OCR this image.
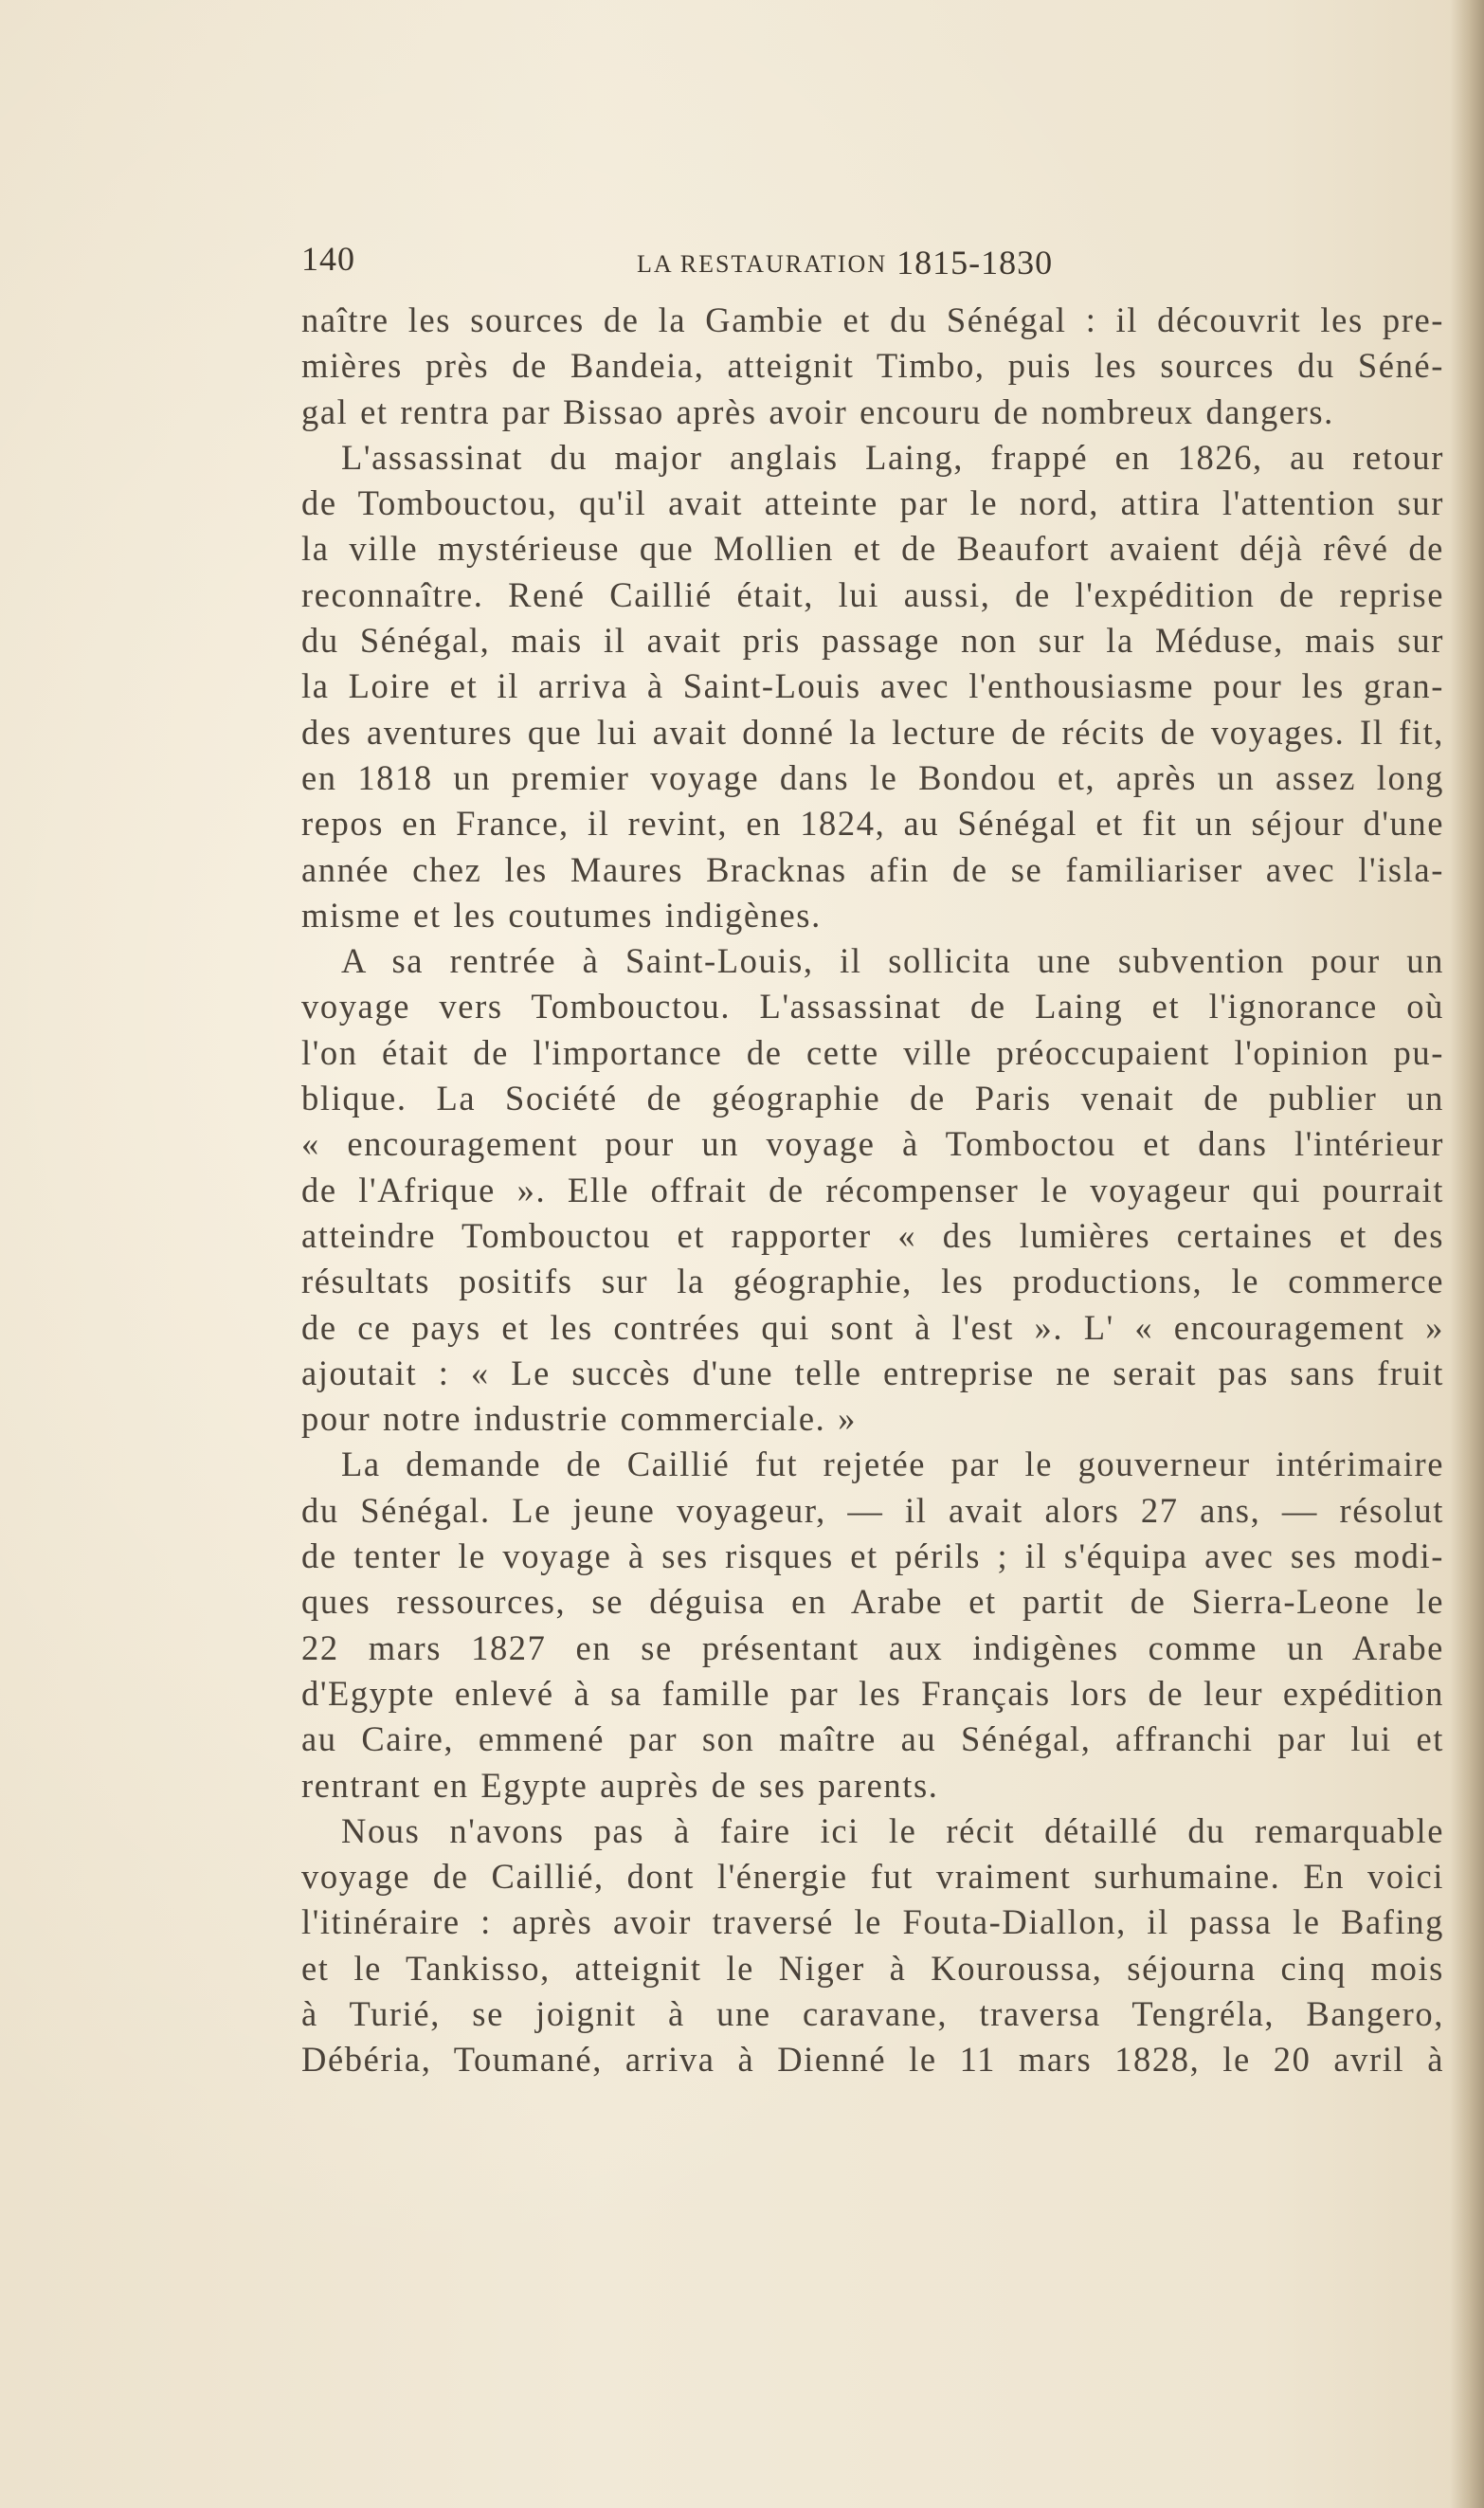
140	LA RESTAURATION 1815-1830
naître les sources de la Gambie et du Sénégal : il découvrit les pre-
mières près de Bandeia, atteignit Timbo, puis les sources du Séné-
gal et rentra par Bissao après avoir encouru de nombreux dangers.
L'assassinat du major anglais Laing, frappé en 1826, au retour
de Tombouctou, qu'il avait atteinte par le nord, attira l'attention sur
la ville mystérieuse que Mollien et de Beaufort avaient déjà rêvé de
reconnaître. René Caillié était, lui aussi, de l'expédition de reprise
du Sénégal, mais il avait pris passage non sur la Méduse, mais sur
la Loire et il arriva à Saint-Louis avec l'enthousiasme pour les gran-
des aventures que lui avait donné la lecture de récits de voyages. Il fit,
en 1818 un premier voyage dans le Bondou et, après un assez long
repos en France, il revint, en 1824, au Sénégal et fit un séjour d'une
année chez les Maures Bracknas afin de se familiariser avec l'isla-
misme et les coutumes indigènes.
A sa rentrée à Saint-Louis, il sollicita une subvention pour un
voyage vers Tombouctou. L'assassinat de Laing et l'ignorance où
l'on était de l'importance de cette ville préoccupaient l'opinion pu-
blique. La Société de géographie de Paris venait de publier un
« encouragement pour un voyage à Tomboctou et dans l'intérieur
de l'Afrique ». Elle offrait de récompenser le voyageur qui pourrait
atteindre Tombouctou et rapporter « des lumières certaines et des
résultats positifs sur la géographie, les productions, le commerce
de ce pays et les contrées qui sont à l'est ». L' « encouragement »
ajoutait : « Le succès d'une telle entreprise ne serait pas sans fruit
pour notre industrie commerciale. »
La demande de Caillié fut rejetée par le gouverneur intérimaire
du Sénégal. Le jeune voyageur, — il avait alors 27 ans, — résolut
de tenter le voyage à ses risques et périls ; il s'équipa avec ses modi-
ques ressources, se déguisa en Arabe et partit de Sierra-Leone le
22 mars 1827 en se présentant aux indigènes comme un Arabe
d'Egypte enlevé à sa famille par les Français lors de leur expédition
au Caire, emmené par son maître au Sénégal, affranchi par lui et
rentrant en Egypte auprès de ses parents.
Nous n'avons pas à faire ici le récit détaillé du remarquable
voyage de Caillié, dont l'énergie fut vraiment surhumaine. En voici
l'itinéraire : après avoir traversé le Fouta-Diallon, il passa le Bafing
et le Tankisso, atteignit le Niger à Kouroussa, séjourna cinq mois
à Turié, se joignit à une caravane, traversa Tengréla, Bangero,
Débéria, Toumané, arriva à Dienné le 11 mars 1828, le 20 avril à
